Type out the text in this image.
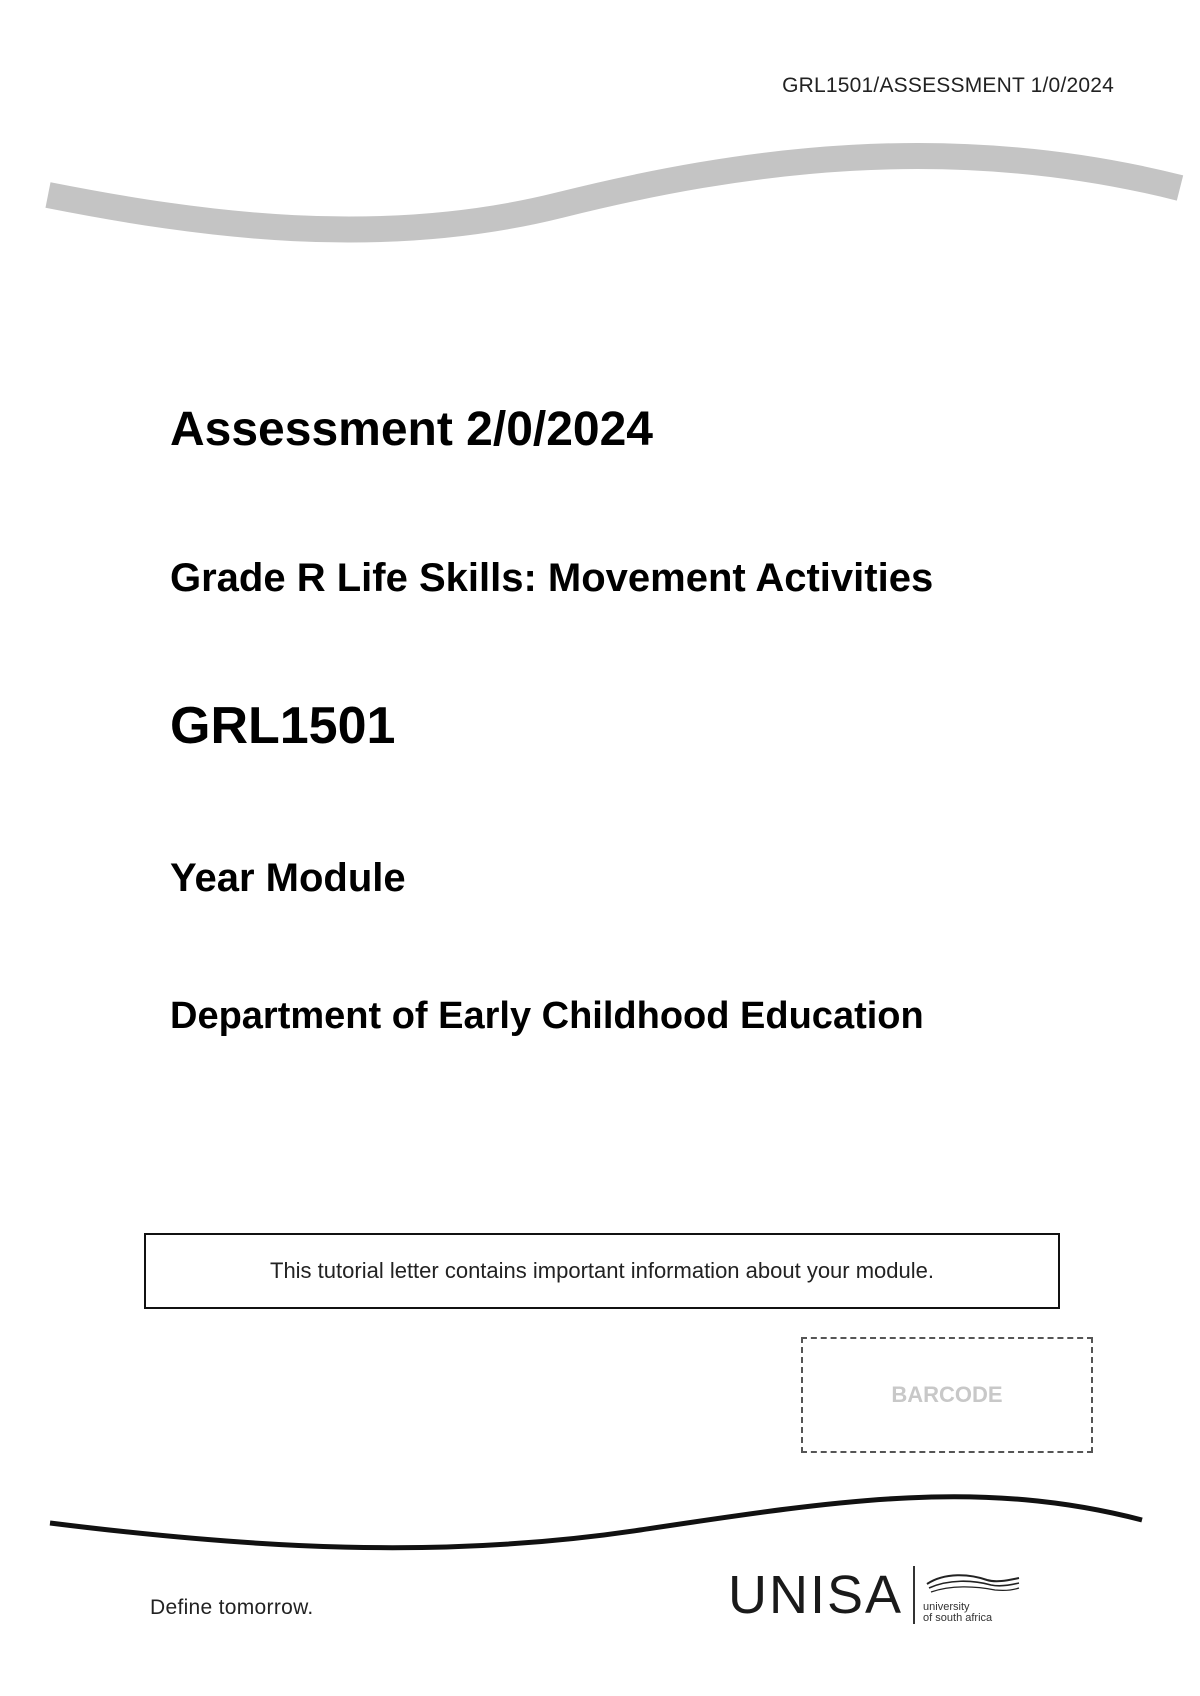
GRL1501/ASSESSMENT 1/0/2024
Assessment 2/0/2024
Grade R Life Skills: Movement Activities
GRL1501
Year Module
Department of Early Childhood Education
This tutorial letter contains important information about your module.
BARCODE
Define tomorrow.	UNISA university
of south africa
